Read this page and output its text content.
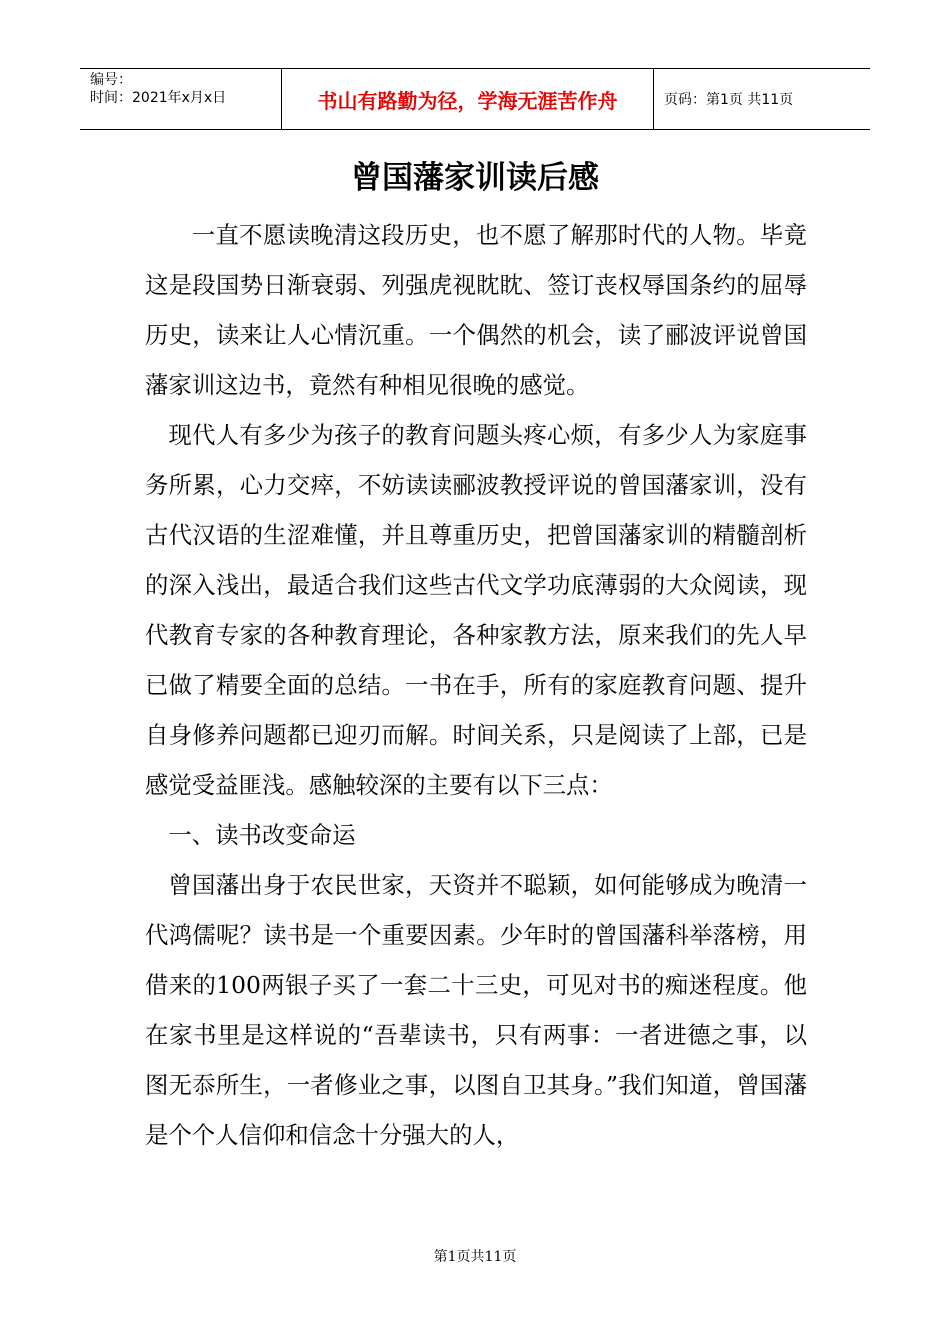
编号：
时间：2021年x月x日	书山有路勤为径，学海无涯苦作舟	页码：第1页 共11页
曾国藩家训读后感

一直不愿读晚清这段历史，也不愿了解那时代的人物。毕竟这是段国势日渐衰弱、列强虎视眈眈、签订丧权辱国条约的屈辱历史，读来让人心情沉重。一个偶然的机会，读了郦波评说曾国藩家训这边书，竟然有种相见很晚的感觉。

现代人有多少为孩子的教育问题头疼心烦，有多少人为家庭事务所累，心力交瘁，不妨读读郦波教授评说的曾国藩家训，没有古代汉语的生涩难懂，并且尊重历史，把曾国藩家训的精髓剖析的深入浅出，最适合我们这些古代文学功底薄弱的大众阅读，现代教育专家的各种教育理论，各种家教方法，原来我们的先人早已做了精要全面的总结。一书在手，所有的家庭教育问题、提升自身修养问题都已迎刃而解。时间关系，只是阅读了上部，已是感觉受益匪浅。感触较深的主要有以下三点：

一、读书改变命运

曾国藩出身于农民世家，天资并不聪颖，如何能够成为晚清一代鸿儒呢？读书是一个重要因素。少年时的曾国藩科举落榜，用借来的100两银子买了一套二十三史，可见对书的痴迷程度。他在家书里是这样说的“吾辈读书，只有两事：一者进德之事，以图无忝所生，一者修业之事，以图自卫其身。”我们知道，曾国藩是个个人信仰和信念十分强大的人，

第1页共11页
